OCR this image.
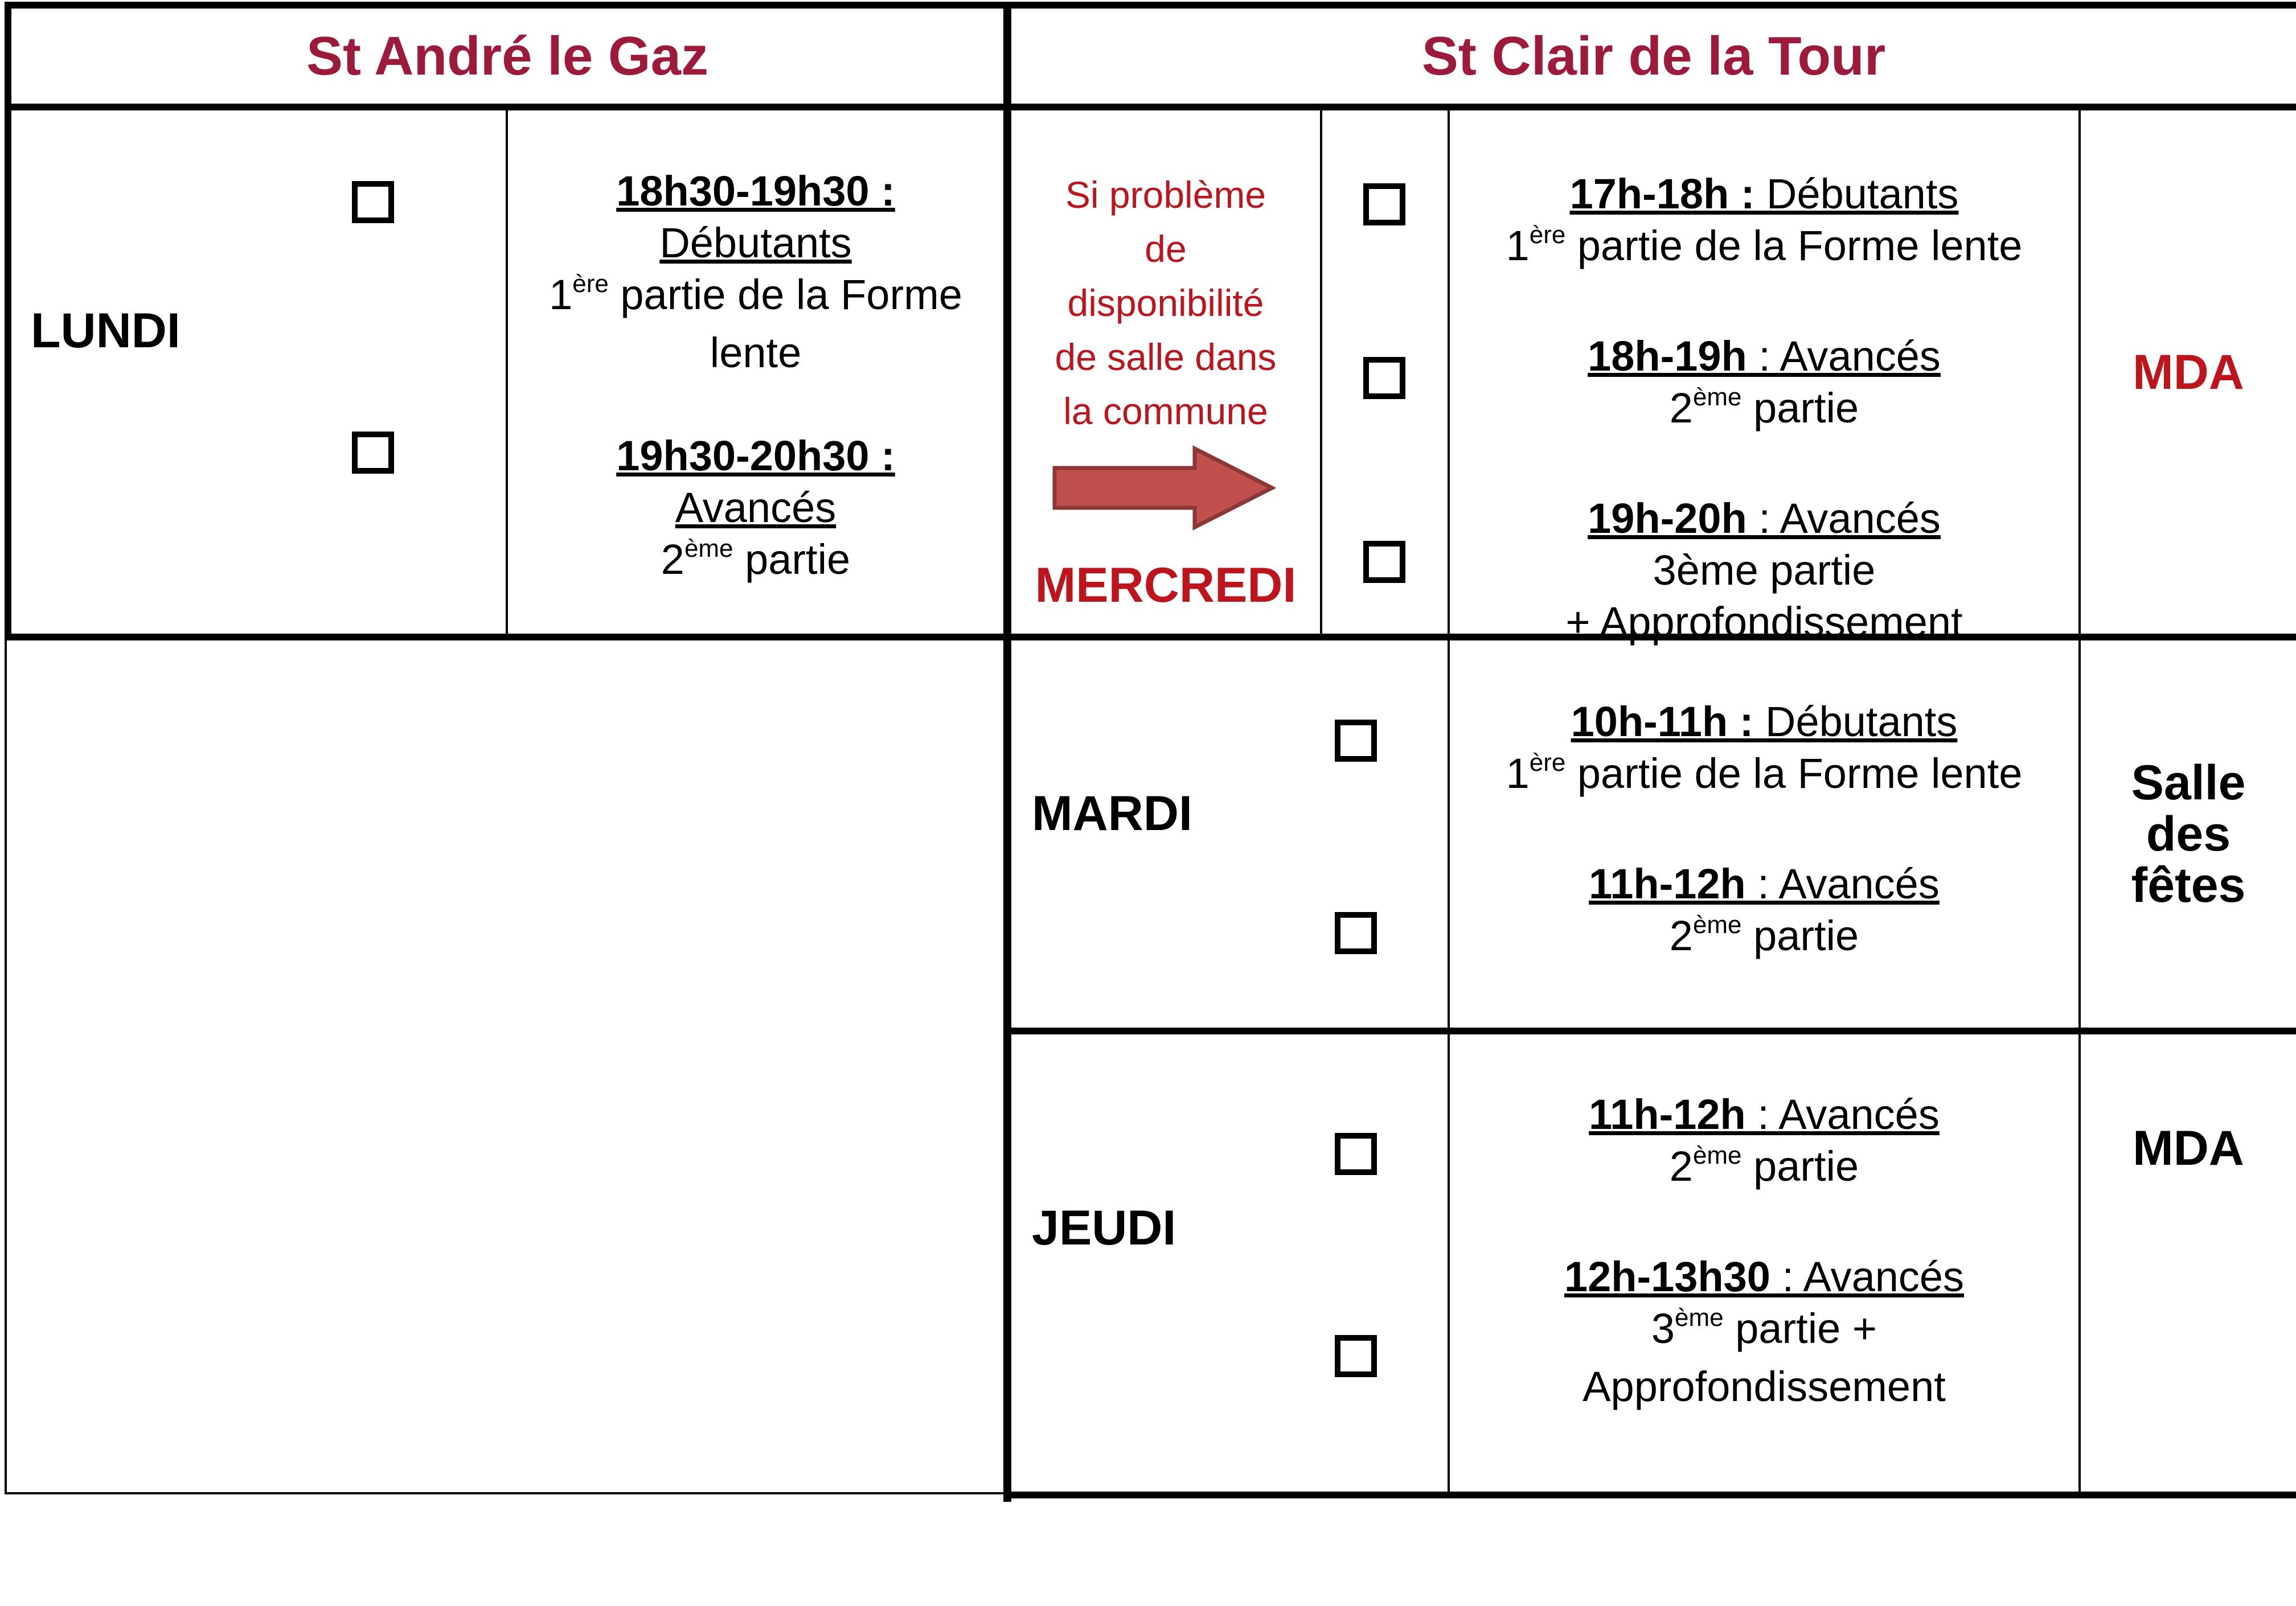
St André le Gaz	St Clair de la Tour
LUNDI
18h30-19h30 :
Débutants
1ère partie de la Forme
lente
19h30-20h30 :
Avancés
2ème partie
Si problème
de
disponibilité
de salle dans
la commune
MERCREDI
17h-18h : Débutants
1ère partie de la Forme lente
18h-19h : Avancés
2ème partie
19h-20h : Avancés
3ème partie
+ Approfondissement
MDA
MARDI
10h-11h : Débutants
1ère partie de la Forme lente
11h-12h : Avancés
2ème partie
Salle
des
fêtes
JEUDI
11h-12h : Avancés
2ème partie
12h-13h30 : Avancés
3ème partie +
Approfondissement
MDA
